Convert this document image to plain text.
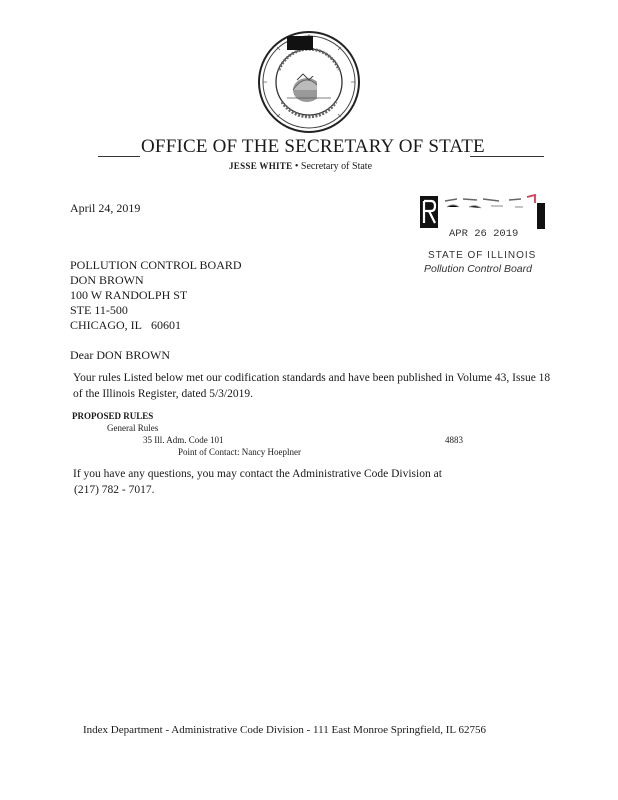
OFFICE OF THE SECRETARY OF STATE
JESSE WHITE • Secretary of State
April 24, 2019
APR 26 2019
STATE OF ILLINOIS
Pollution Control Board
POLLUTION CONTROL BOARD
DON BROWN
100 W RANDOLPH ST
STE 11-500
CHICAGO, IL 60601
Dear DON BROWN
Your rules Listed below met our codification standards and have been published in Volume 43, Issue 18 of the Illinois Register, dated 5/3/2019.
PROPOSED RULES
General Rules
35 Ill. Adm. Code 101	4883
Point of Contact: Nancy Hoeplner
If you have any questions, you may contact the Administrative Code Division at
(217) 782 - 7017.
Index Department - Administrative Code Division - 111 East Monroe Springfield, IL 62756
